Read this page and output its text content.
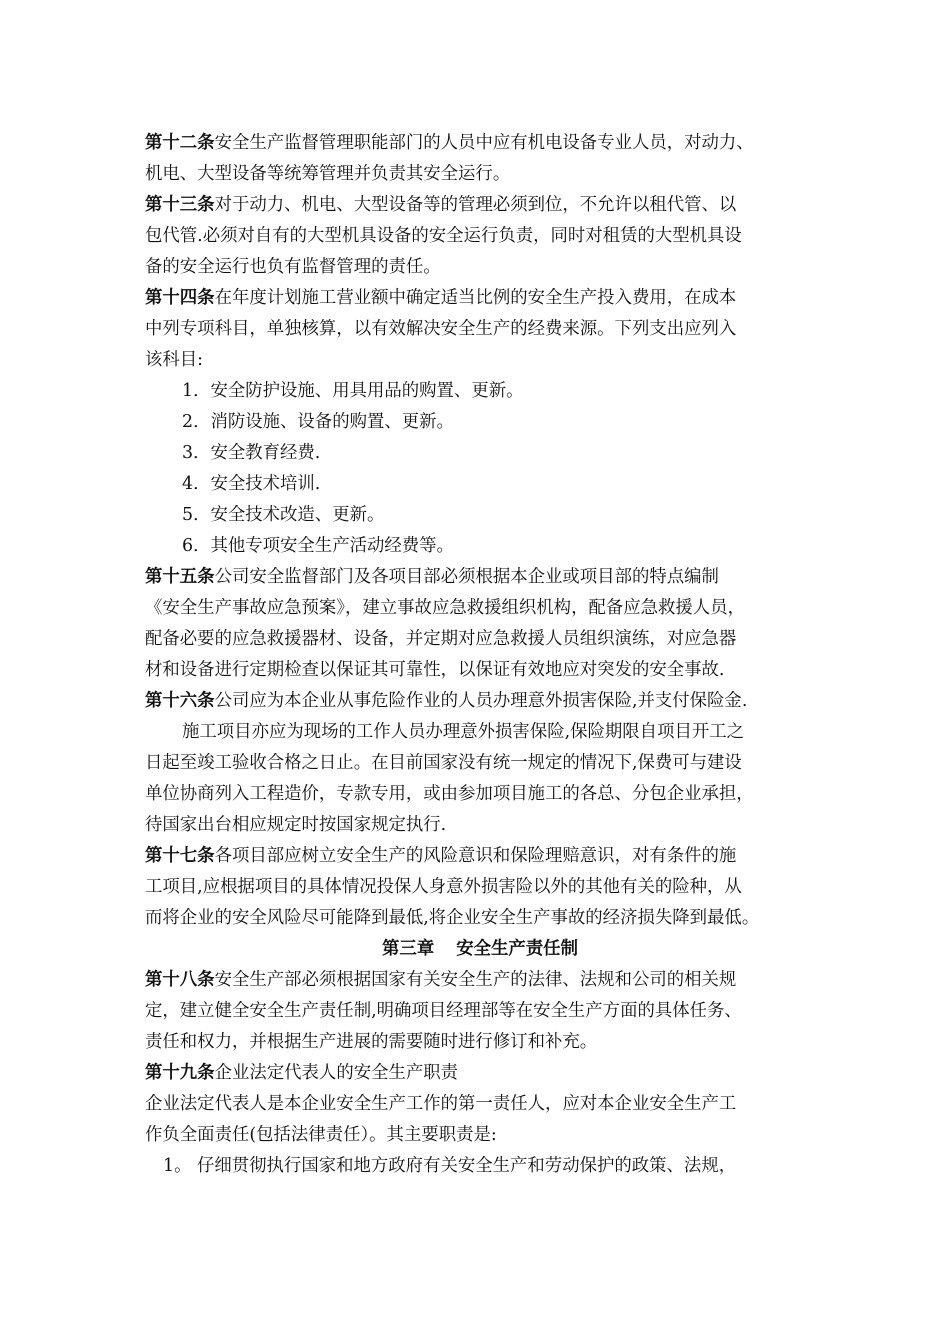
第十二条安全生产监督管理职能部门的人员中应有机电设备专业人员，对动力、
机电、大型设备等统筹管理并负责其安全运行。
第十三条对于动力、机电、大型设备等的管理必须到位，不允许以租代管、以
包代管.必须对自有的大型机具设备的安全运行负责，同时对租赁的大型机具设
备的安全运行也负有监督管理的责任。
第十四条在年度计划施工营业额中确定适当比例的安全生产投入费用，在成本
中列专项科目，单独核算，以有效解决安全生产的经费来源。下列支出应列入
该科目:
1．安全防护设施、用具用品的购置、更新。
2．消防设施、设备的购置、更新。
3．安全教育经费.
4．安全技术培训.
5．安全技术改造、更新。
6．其他专项安全生产活动经费等。
第十五条公司安全监督部门及各项目部必须根据本企业或项目部的特点编制
《安全生产事故应急预案》，建立事故应急救援组织机构，配备应急救援人员，
配备必要的应急救援器材、设备，并定期对应急救援人员组织演练，对应急器
材和设备进行定期检查以保证其可靠性，以保证有效地应对突发的安全事故.
第十六条公司应为本企业从事危险作业的人员办理意外损害保险,并支付保险金.
施工项目亦应为现场的工作人员办理意外损害保险,保险期限自项目开工之
日起至竣工验收合格之日止。在目前国家没有统一规定的情况下,保费可与建设
单位协商列入工程造价，专款专用，或由参加项目施工的各总、分包企业承担，
待国家出台相应规定时按国家规定执行.
第十七条各项目部应树立安全生产的风险意识和保险理赔意识，对有条件的施
工项目,应根据项目的具体情况投保人身意外损害险以外的其他有关的险种，从
而将企业的安全风险尽可能降到最低,将企业安全生产事故的经济损失降到最低。
第三章 安全生产责任制
第十八条安全生产部必须根据国家有关安全生产的法律、法规和公司的相关规
定，建立健全安全生产责任制,明确项目经理部等在安全生产方面的具体任务、
责任和权力，并根据生产进展的需要随时进行修订和补充。
第十九条企业法定代表人的安全生产职责
企业法定代表人是本企业安全生产工作的第一责任人，应对本企业安全生产工
作负全面责任(包括法律责任）。其主要职责是:
1。 仔细贯彻执行国家和地方政府有关安全生产和劳动保护的政策、法规，
